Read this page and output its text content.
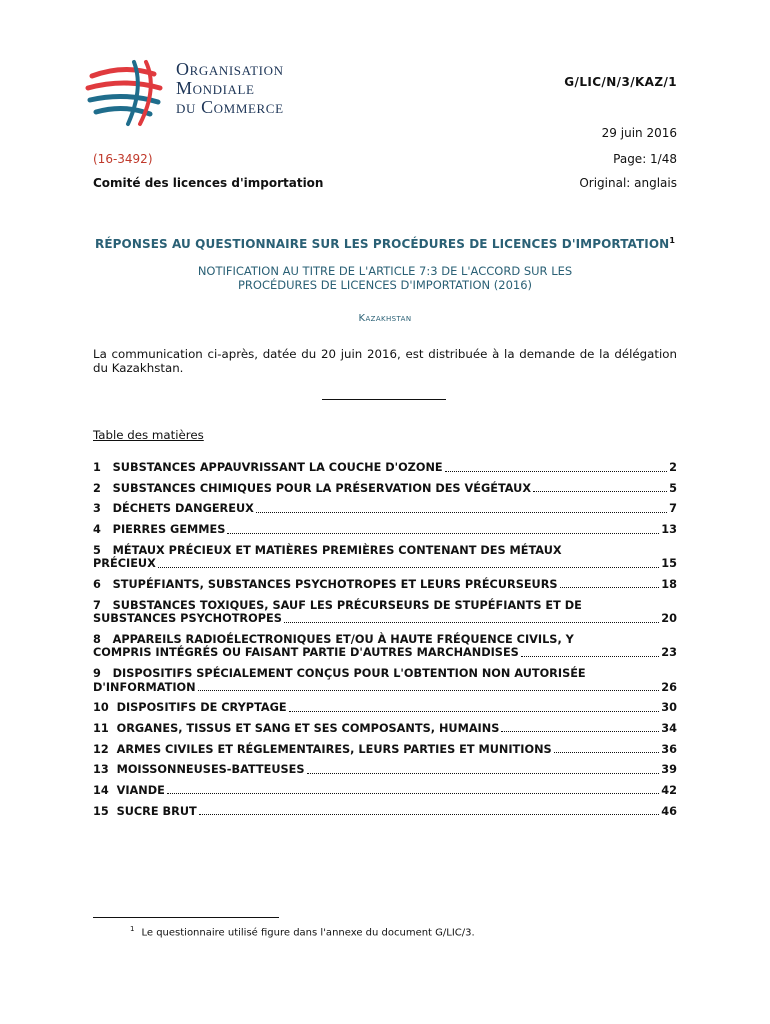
Organisation
Mondiale
du Commerce
G/LIC/N/3/KAZ/1
29 juin 2016
(16-3492)	Page: 1/48
Comité des licences d'importation	Original: anglais
RÉPONSES AU QUESTIONNAIRE SUR LES PROCÉDURES DE LICENCES D'IMPORTATION$^1$
NOTIFICATION AU TITRE DE L'ARTICLE 7:3 DE L'ACCORD SUR LES
PROCÉDURES DE LICENCES D'IMPORTATION (2016)
Kazakhstan
La communication ci-après, datée du 20 juin 2016, est distribuée à la demande de la délégation du Kazakhstan.
Table des matières
1   SUBSTANCES APPAUVRISSANT LA COUCHE D'OZONE	2
2   SUBSTANCES CHIMIQUES POUR LA PRÉSERVATION DES VÉGÉTAUX	5
3   DÉCHETS DANGEREUX	7
4   PIERRES GEMMES	13
5   MÉTAUX PRÉCIEUX ET MATIÈRES PREMIÈRES CONTENANT DES MÉTAUX
PRÉCIEUX	15
6   STUPÉFIANTS, SUBSTANCES PSYCHOTROPES ET LEURS PRÉCURSEURS	18
7   SUBSTANCES TOXIQUES, SAUF LES PRÉCURSEURS DE STUPÉFIANTS ET DE
SUBSTANCES PSYCHOTROPES	20
8   APPAREILS RADIOÉLECTRONIQUES ET/OU À HAUTE FRÉQUENCE CIVILS, Y
COMPRIS INTÉGRÉS OU FAISANT PARTIE D'AUTRES MARCHANDISES	23
9   DISPOSITIFS SPÉCIALEMENT CONÇUS POUR L'OBTENTION NON AUTORISÉE
D'INFORMATION	26
10  DISPOSITIFS DE CRYPTAGE	30
11  ORGANES, TISSUS ET SANG ET SES COMPOSANTS, HUMAINS	34
12  ARMES CIVILES ET RÉGLEMENTAIRES, LEURS PARTIES ET MUNITIONS	36
13  MOISSONNEUSES-BATTEUSES	39
14  VIANDE	42
15  SUCRE BRUT	46
$^1$ Le questionnaire utilisé figure dans l'annexe du document G/LIC/3.
